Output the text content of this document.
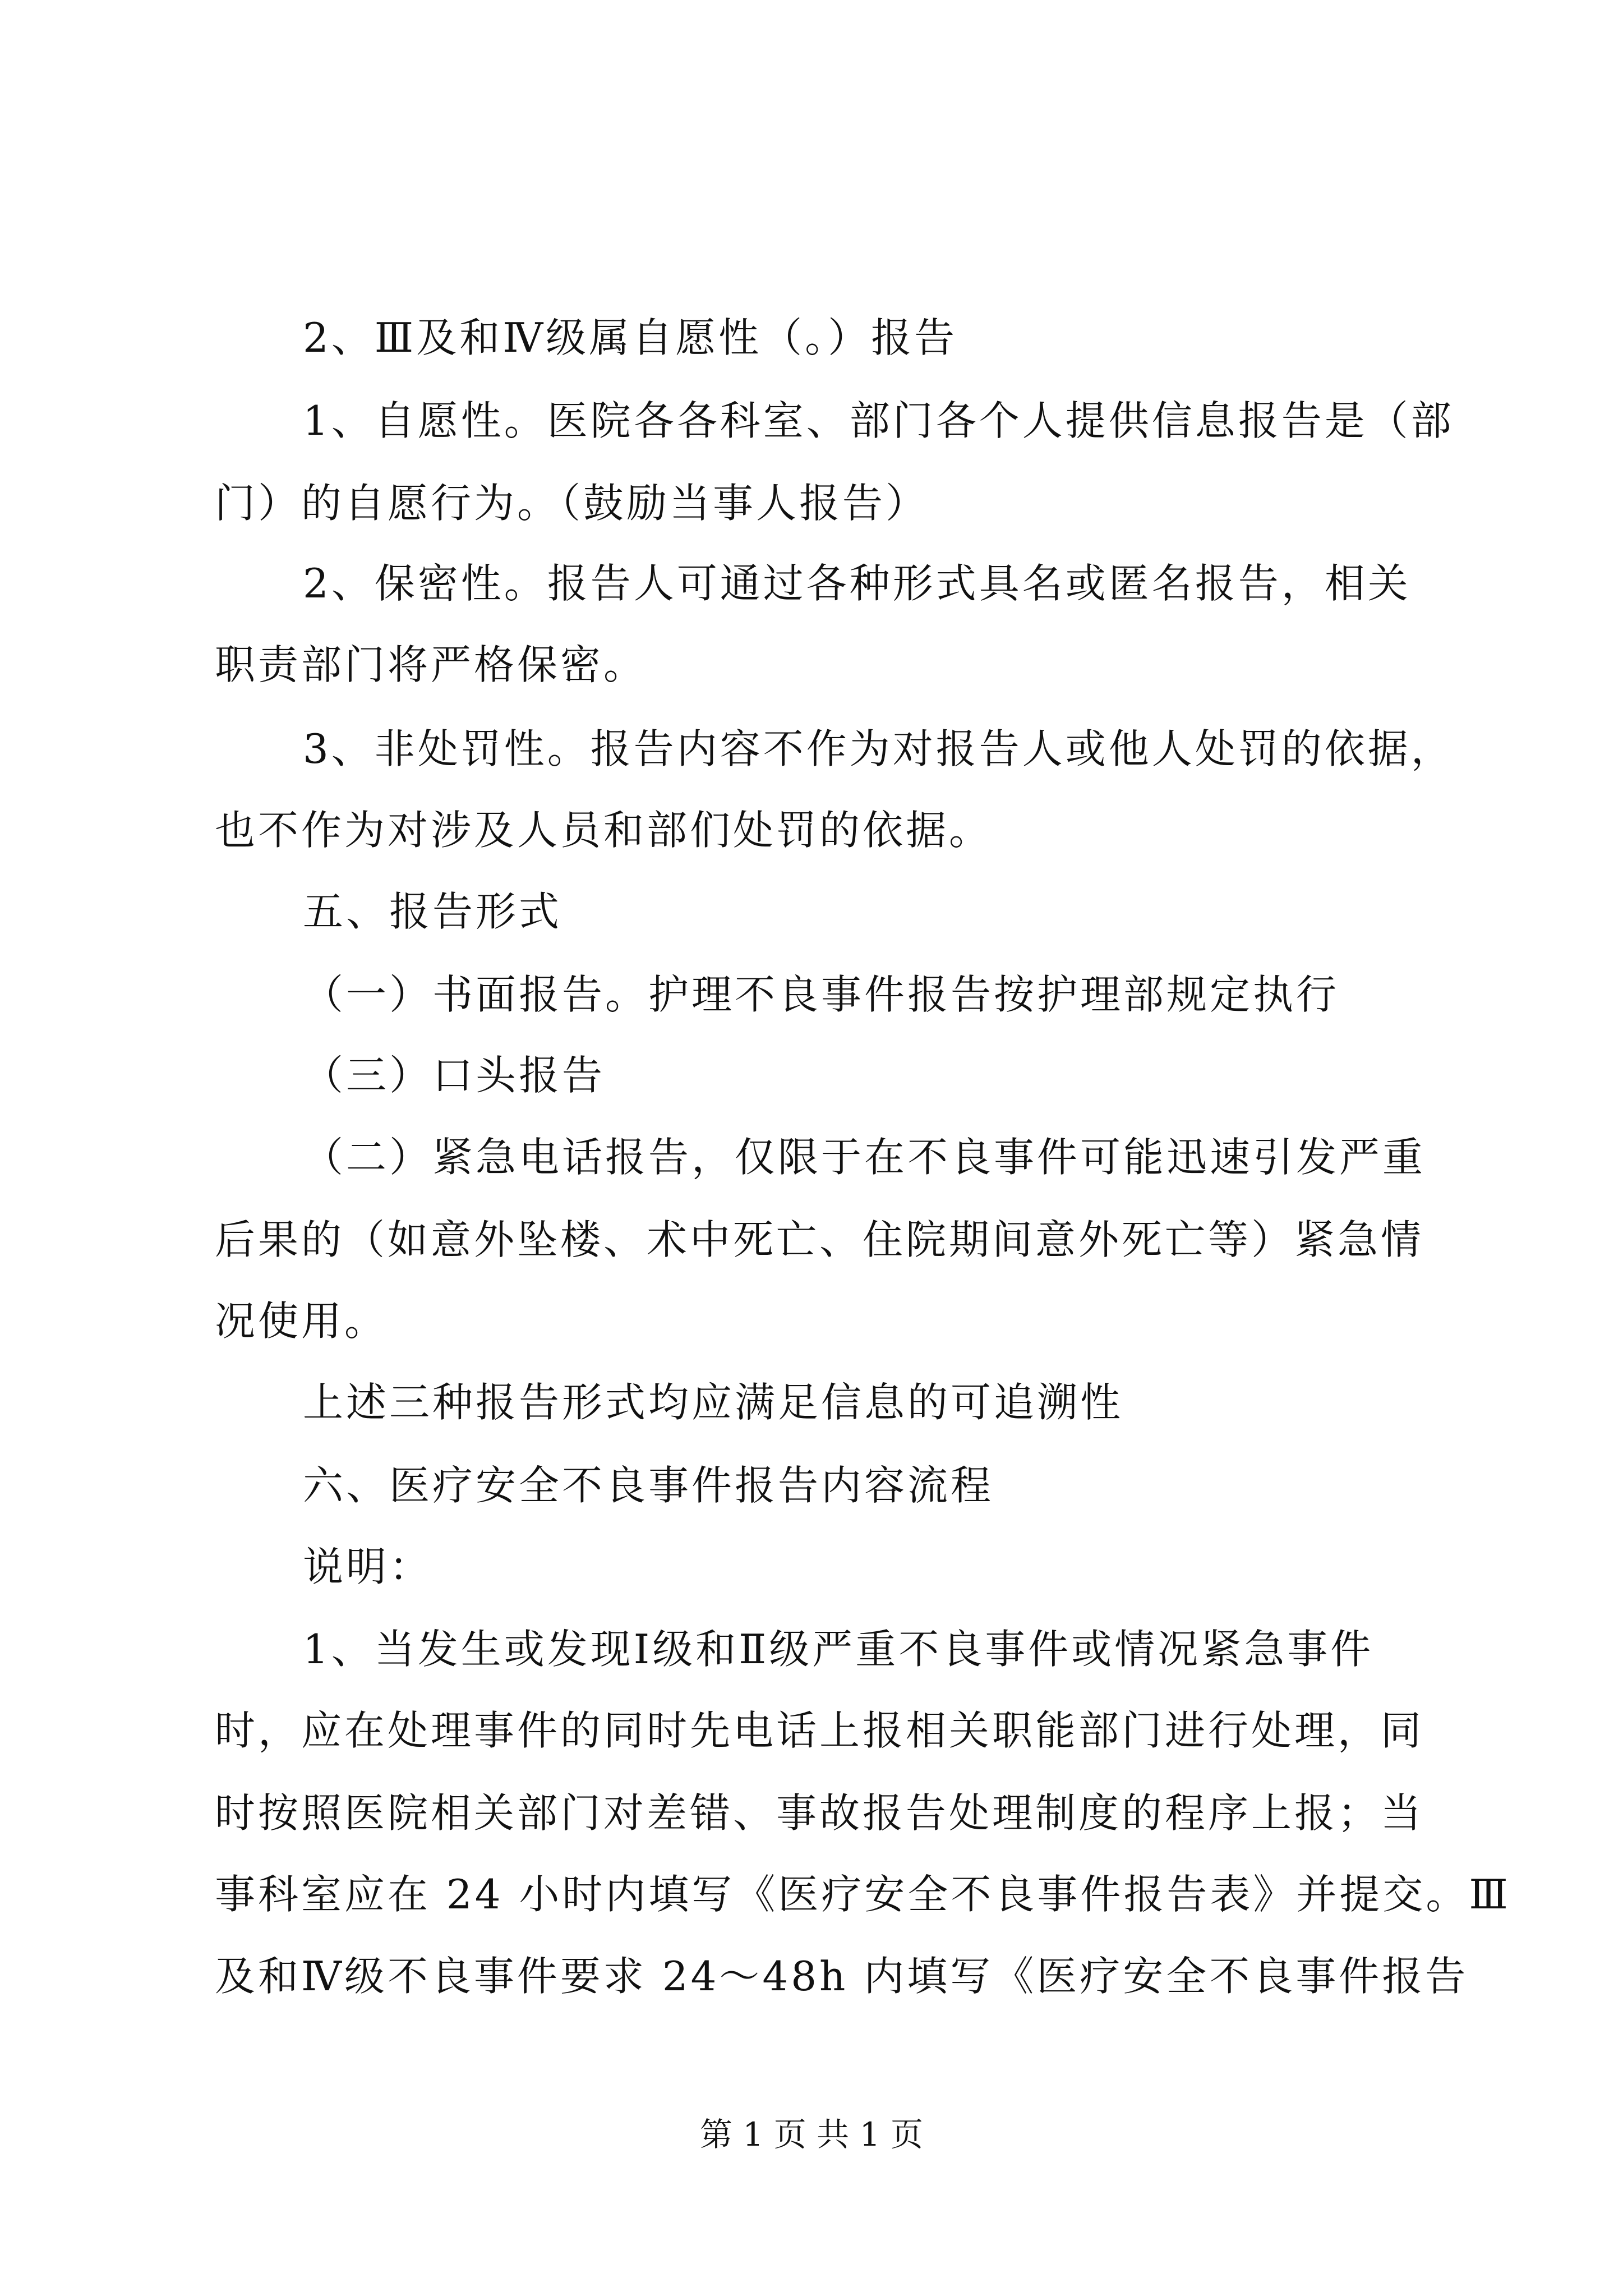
2、Ⅲ及和Ⅳ级属自愿性（。）报告
1、自愿性。医院各各科室、部门各个人提供信息报告是（部
门）的自愿行为。（鼓励当事人报告）
2、保密性。报告人可通过各种形式具名或匿名报告，相关
职责部门将严格保密。
3、非处罚性。报告内容不作为对报告人或他人处罚的依据，
也不作为对涉及人员和部们处罚的依据。
五、报告形式
（一）书面报告。护理不良事件报告按护理部规定执行
（三）口头报告
（二）紧急电话报告，仅限于在不良事件可能迅速引发严重
后果的（如意外坠楼、术中死亡、住院期间意外死亡等）紧急情
况使用。
上述三种报告形式均应满足信息的可追溯性
六、医疗安全不良事件报告内容流程
说明：
1、当发生或发现Ⅰ级和Ⅱ级严重不良事件或情况紧急事件
时，应在处理事件的同时先电话上报相关职能部门进行处理，同
时按照医院相关部门对差错、事故报告处理制度的程序上报；当
事科室应在 24 小时内填写《医疗安全不良事件报告表》并提交。Ⅲ
及和Ⅳ级不良事件要求 24～48h 内填写《医疗安全不良事件报告
第 1 页 共 1 页
